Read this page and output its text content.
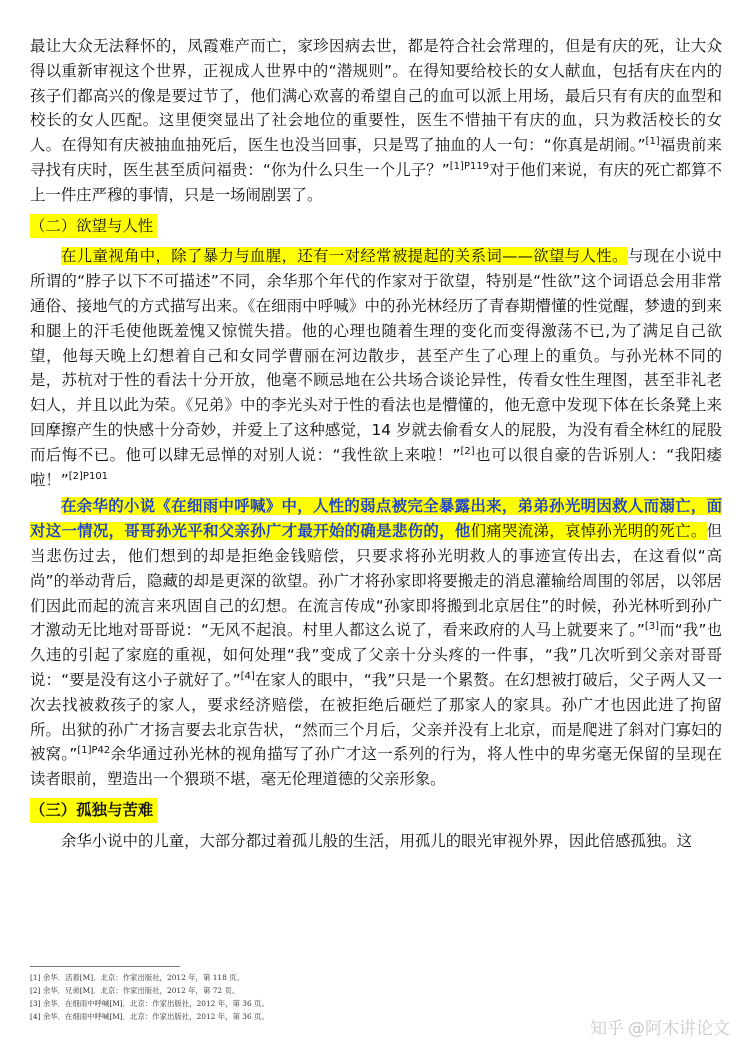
最让大众无法释怀的，凤霞难产而亡，家珍因病去世，都是符合社会常理的，但是有庆的死，让大众得以重新审视这个世界，正视成人世界中的“潜规则”。在得知要给校长的女人献血，包括有庆在内的孩子们都高兴的像是要过节了，他们满心欢喜的希望自己的血可以派上用场，最后只有有庆的血型和校长的女人匹配。这里便突显出了社会地位的重要性，医生不惜抽干有庆的血，只为救活校长的女人。在得知有庆被抽血抽死后，医生也没当回事，只是骂了抽血的人一句：“你真是胡闹。”[1]福贵前来寻找有庆时，医生甚至质问福贵：“你为什么只生一个儿子？”$^{[1]P119}$对于他们来说，有庆的死亡都算不上一件庄严穆的事情，只是一场闹剧罢了。

（二）欲望与人性

在儿童视角中，除了暴力与血腥，还有一对经常被提起的关系词——欲望与人性。与现在小说中所谓的“脖子以下不可描述”不同，余华那个年代的作家对于欲望，特别是“性欲”这个词语总会用非常通俗、接地气的方式描写出来。《在细雨中呼喊》中的孙光林经历了青春期懵懂的性觉醒，梦遗的到来和腿上的汗毛使他既羞愧又惊慌失措。他的心理也随着生理的变化而变得激荡不已,为了满足自己欲望，他每天晚上幻想着自己和女同学曹丽在河边散步，甚至产生了心理上的重负。与孙光林不同的是，苏杭对于性的看法十分开放，他毫不顾忌地在公共场合谈论异性，传看女性生理图，甚至非礼老妇人，并且以此为荣。《兄弟》中的李光头对于性的看法也是懵懂的，他无意中发现下体在长条凳上来回摩擦产生的快感十分奇妙，并爱上了这种感觉，14 岁就去偷看女人的屁股，为没有看全林红的屁股而后悔不已。他可以肆无忌惮的对别人说：“我性欲上来啦！”[2]也可以很自豪的告诉别人：“我阳痿啦！”$^{[2]P101}$

在余华的小说《在细雨中呼喊》中，人性的弱点被完全暴露出来，弟弟孙光明因救人而溺亡，面对这一情况，哥哥孙光平和父亲孙广才最开始的确是悲伤的，他们痛哭流涕，哀悼孙光明的死亡。但当悲伤过去，他们想到的却是拒绝金钱赔偿，只要求将孙光明救人的事迹宣传出去，在这看似“高尚”的举动背后，隐藏的却是更深的欲望。孙广才将孙家即将要搬走的消息灌输给周围的邻居，以邻居们因此而起的流言来巩固自己的幻想。在流言传成“孙家即将搬到北京居住”的时候，孙光林听到孙广才激动无比地对哥哥说：“无风不起浪。村里人都这么说了，看来政府的人马上就要来了。”[3]而“我”也久违的引起了家庭的重视，如何处理“我”变成了父亲十分头疼的一件事，“我”几次听到父亲对哥哥说：“要是没有这小子就好了。”[4]在家人的眼中，“我”只是一个累赘。在幻想被打破后，父子两人又一次去找被救孩子的家人，要求经济赔偿，在被拒绝后砸烂了那家人的家具。孙广才也因此进了拘留所。出狱的孙广才扬言要去北京告状，“然而三个月后，父亲并没有上北京，而是爬进了斜对门寡妇的被窝。”$^{[1]P42}$余华通过孙光林的视角描写了孙广才这一系列的行为，将人性中的卑劣毫无保留的呈现在读者眼前，塑造出一个猥琐不堪，毫无伦理道德的父亲形象。

（三）孤独与苦难

余华小说中的儿童，大部分都过着孤儿般的生活，用孤儿的眼光审视外界，因此倍感孤独。这

[1] 余华．活着[M]．北京：作家出版社，2012 年，第 118 页。
[2] 余华．兄弟[M]．北京：作家出版社，2012 年，第 72 页。
[3] 余华．在细雨中呼喊[M]．北京：作家出版社，2012 年，第 36 页。
[4] 余华．在细雨中呼喊[M]．北京：作家出版社，2012 年，第 36 页。
知乎 @阿木讲论文
